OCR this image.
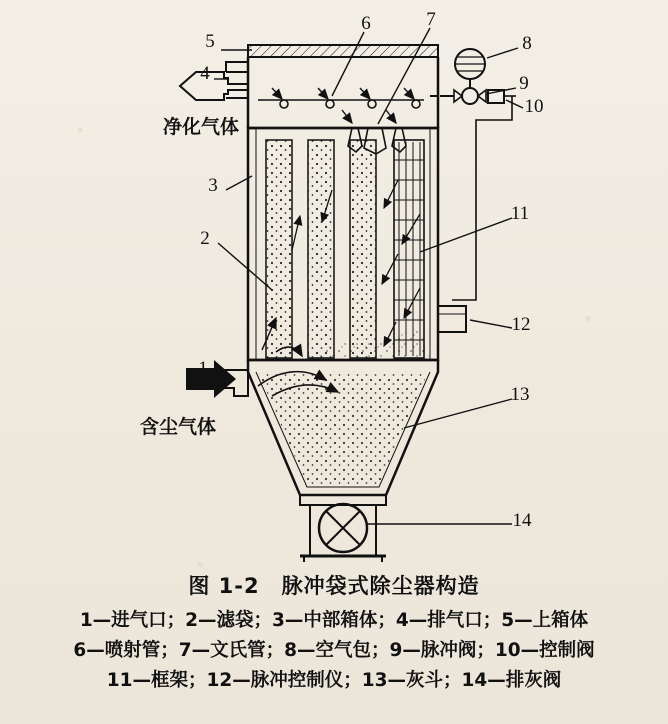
1
2
3
4
5
6	7
8
9
10
11
12
13
14
净化气体
含尘气体
图 1-2　脉冲袋式除尘器构造
1—进气口；2—滤袋；3—中部箱体；4—排气口；5—上箱体
6—喷射管；7—文氏管；8—空气包；9—脉冲阀；10—控制阀
11—框架；12—脉冲控制仪；13—灰斗；14—排灰阀
